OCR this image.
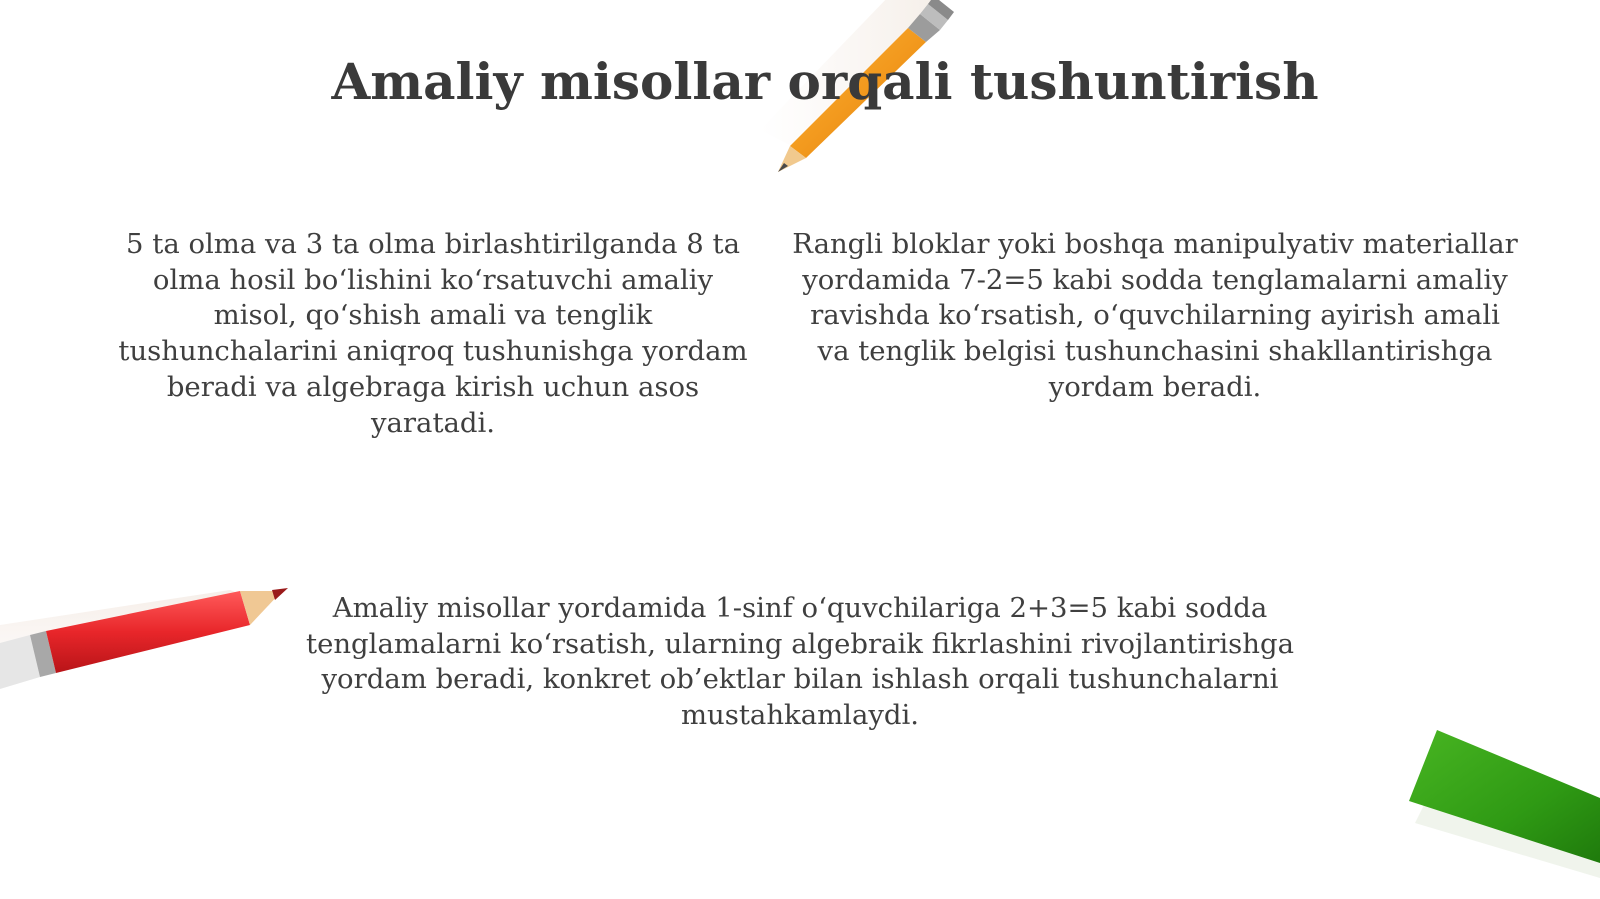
Amaliy misollar orqali tushuntirish
5 ta olma va 3 ta olma birlashtirilganda 8 ta olma hosil bo‘lishini ko‘rsatuvchi amaliy misol, qo‘shish amali va tenglik tushunchalarini aniqroq tushunishga yordam beradi va algebraga kirish uchun asos yaratadi.
Rangli bloklar yoki boshqa manipulyativ materiallar yordamida 7-2=5 kabi sodda tenglamalarni amaliy ravishda ko‘rsatish, o‘quvchilarning ayirish amali va tenglik belgisi tushunchasini shakllantirishga yordam beradi.
Amaliy misollar yordamida 1-sinf o‘quvchilariga 2+3=5 kabi sodda tenglamalarni ko‘rsatish, ularning algebraik fikrlashini rivojlantirishga yordam beradi, konkret ob’ektlar bilan ishlash orqali tushunchalarni mustahkamlaydi.
